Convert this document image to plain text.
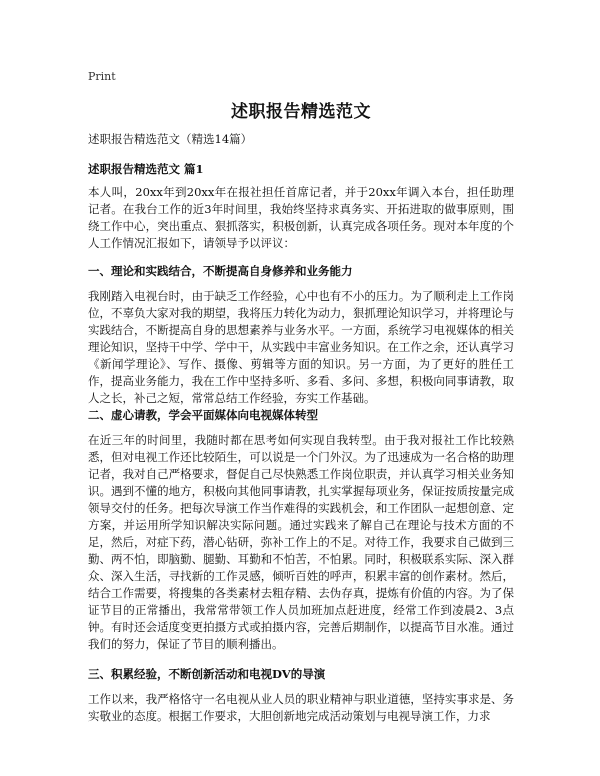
Print
述职报告精选范文
述职报告精选范文（精选14篇）
述职报告精选范文 篇1
本人叫，20xx年到20xx年在报社担任首席记者，并于20xx年调入本台，担任助理记者。在我台工作的近3年时间里，我始终坚持求真务实、开拓进取的做事原则，围绕工作中心，突出重点、狠抓落实，积极创新，认真完成各项任务。现对本年度的个人工作情况汇报如下，请领导予以评议：
一、理论和实践结合，不断提高自身修养和业务能力
我刚踏入电视台时，由于缺乏工作经验，心中也有不小的压力。为了顺利走上工作岗位，不辜负大家对我的期望，我将压力转化为动力，狠抓理论知识学习，并将理论与实践结合，不断提高自身的思想素养与业务水平。一方面，系统学习电视媒体的相关理论知识，坚持干中学、学中干，从实践中丰富业务知识。在工作之余，还认真学习《新闻学理论》、写作、摄像、剪辑等方面的知识。另一方面，为了更好的胜任工作，提高业务能力，我在工作中坚持多听、多看、多问、多想，积极向同事请教，取人之长，补己之短，常常总结工作经验，夯实工作基础。
二、虚心请教，学会平面媒体向电视媒体转型
在近三年的时间里，我随时都在思考如何实现自我转型。由于我对报社工作比较熟悉，但对电视工作还比较陌生，可以说是一个门外汉。为了迅速成为一名合格的助理记者，我对自己严格要求，督促自己尽快熟悉工作岗位职责，并认真学习相关业务知识。遇到不懂的地方，积极向其他同事请教，扎实掌握每项业务，保证按质按量完成领导交付的任务。把每次导演工作当作难得的实践机会，和工作团队一起想创意、定方案，并运用所学知识解决实际问题。通过实践来了解自己在理论与技术方面的不足，然后，对症下药，潜心钻研，弥补工作上的不足。对待工作，我要求自己做到三勤、两不怕，即脑勤、腿勤、耳勤和不怕苦，不怕累。同时，积极联系实际、深入群众、深入生活，寻找新的工作灵感，倾听百姓的呼声，积累丰富的创作素材。然后，结合工作需要，将搜集的各类素材去粗存精、去伪存真，提炼有价值的内容。为了保证节目的正常播出，我常常带领工作人员加班加点赶进度，经常工作到凌晨2、3点钟。有时还会适度变更拍摄方式或拍摄内容，完善后期制作，以提高节目水准。通过我们的努力，保证了节目的顺利播出。
三、积累经验，不断创新活动和电视DV的导演
工作以来，我严格恪守一名电视从业人员的职业精神与职业道德，坚持实事求是、务实敬业的态度。根据工作要求，大胆创新地完成活动策划与电视导演工作，力求
